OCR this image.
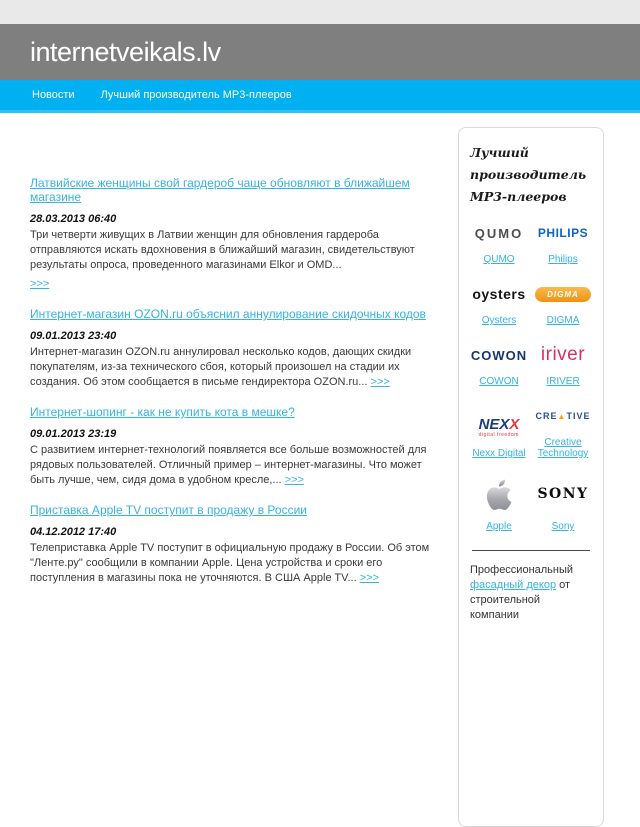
internetveikals.lv
Новости Лучший производитель МР3-плееров
Латвийские женщины свой гардероб чаще обновляют в ближайшем магазине
28.03.2013 06:40
Три четверти живущих в Латвии женщин для обновления гардероба отправляются искать вдохновения в ближайший магазин, свидетельствуют результаты опроса, проведенного магазинами Elkor и OMD...
>>>
Интернет-магазин OZON.ru объяснил аннулирование скидочных кодов
09.01.2013 23:40
Интернет-магазин OZON.ru аннулировал несколько кодов, дающих скидки покупателям, из-за технического сбоя, который произошел на стадии их создания. Об этом сообщается в письме гендиректора OZON.ru... >>>
Интернет-шопинг - как не купить кота в мешке?
09.01.2013 23:19
С развитием интернет-технологий появляется все больше возможностей для рядовых пользователей. Отличный пример – интернет-магазины. Что может быть лучше, чем, сидя дома в удобном кресле,... >>>
Приставка Apple TV поступит в продажу в России
04.12.2012 17:40
Телеприставка Apple TV поступит в официальную продажу в России. Об этом "Ленте.ру" сообщили в компании Apple. Цена устройства и сроки его поступления в магазины пока не уточняются. В США Apple TV... >>>
Лучший производитель
МР3-плееров
QUMO
QUMO
PHILIPS
Philips
oysters
Oysters
DIGMA
DIGMA
COWON
COWON
iriver
IRIVER
NEXX
digital freedom
Nexx Digital
CRE▲TIVE
Creative Technology
Apple
SONY
Sony
Профессиональный фасадный декор от строительной компании
